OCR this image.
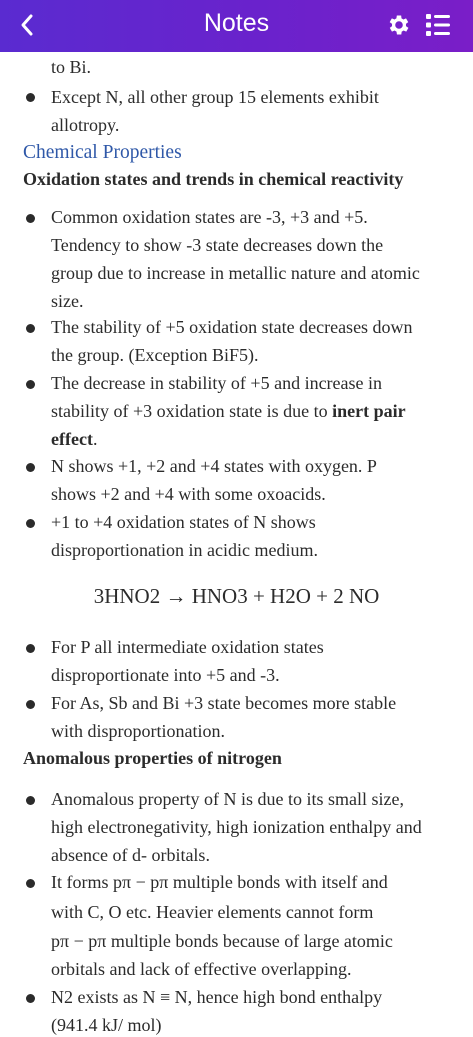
Notes
to Bi.
Except N, all other group 15 elements exhibit
allotropy.
Chemical Properties
Oxidation states and trends in chemical reactivity
Common oxidation states are -3, +3 and +5.
Tendency to show -3 state decreases down the
group due to increase in metallic nature and atomic
size.
The stability of +5 oxidation state decreases down
the group. (Exception BiF5).
The decrease in stability of +5 and increase in
stability of +3 oxidation state is due to inert pair
effect.
N shows +1, +2 and +4 states with oxygen. P
shows +2 and +4 with some oxoacids.
+1 to +4 oxidation states of N shows
disproportionation in acidic medium.
3HNO2 → HNO3 + H2O + 2 NO
For P all intermediate oxidation states
disproportionate into +5 and -3.
For As, Sb and Bi +3 state becomes more stable
with disproportionation.
Anomalous properties of nitrogen
Anomalous property of N is due to its small size,
high electronegativity, high ionization enthalpy and
absence of d- orbitals.
It forms pπ − pπ multiple bonds with itself and
with C, O etc. Heavier elements cannot form
pπ − pπ multiple bonds because of large atomic
orbitals and lack of effective overlapping.
N2 exists as N ≡ N, hence high bond enthalpy
(941.4 kJ/ mol)
